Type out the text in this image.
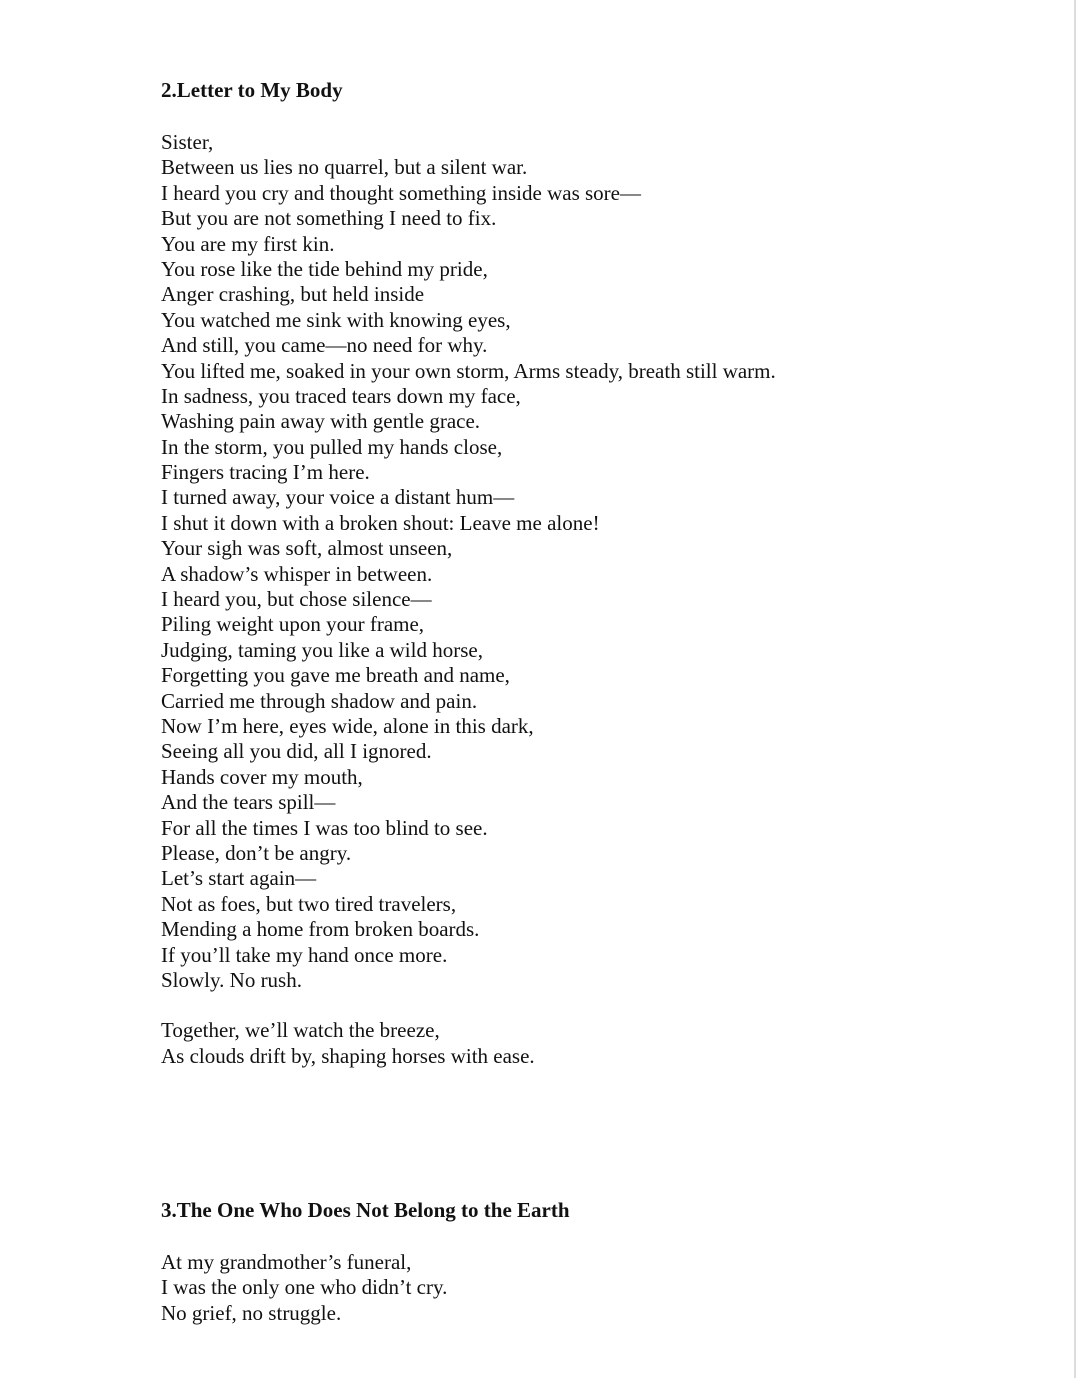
2.Letter to My Body
Sister,
Between us lies no quarrel, but a silent war.
I heard you cry and thought something inside was sore—
But you are not something I need to fix.
You are my first kin.
You rose like the tide behind my pride,
Anger crashing, but held inside
You watched me sink with knowing eyes,
And still, you came—no need for why.
You lifted me, soaked in your own storm, Arms steady, breath still warm.
In sadness, you traced tears down my face,
Washing pain away with gentle grace.
In the storm, you pulled my hands close,
Fingers tracing I’m here.
I turned away, your voice a distant hum—
I shut it down with a broken shout: Leave me alone!
Your sigh was soft, almost unseen,
A shadow’s whisper in between.
I heard you, but chose silence—
Piling weight upon your frame,
Judging, taming you like a wild horse,
Forgetting you gave me breath and name,
Carried me through shadow and pain.
Now I’m here, eyes wide, alone in this dark,
Seeing all you did, all I ignored.
Hands cover my mouth,
And the tears spill—
For all the times I was too blind to see.
Please, don’t be angry.
Let’s start again—
Not as foes, but two tired travelers,
Mending a home from broken boards.
If you’ll take my hand once more.
Slowly. No rush.
Together, we’ll watch the breeze,
As clouds drift by, shaping horses with ease.
3.The One Who Does Not Belong to the Earth
At my grandmother’s funeral,
I was the only one who didn’t cry.
No grief, no struggle.
